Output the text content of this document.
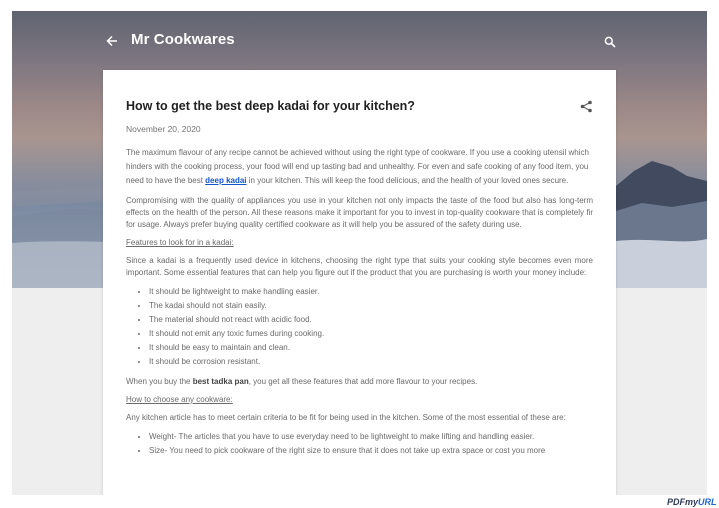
Mr Cookwares
How to get the best deep kadai for your kitchen?
November 20, 2020

The maximum flavour of any recipe cannot be achieved without using the right type of cookware. If you use a cooking utensil which hinders with the cooking process, your food will end up tasting bad and unhealthy. For even and safe cooking of any food item, you need to have the best deep kadai in your kitchen. This will keep the food delicious, and the health of your loved ones secure.

Compromising with the quality of appliances you use in your kitchen not only impacts the taste of the food but also has long-term effects on the health of the person. All these reasons make it important for you to invest in top-quality cookware that is completely fir for usage. Always prefer buying quality certified cookware as it will help you be assured of the safety during use.

Features to look for in a kadai:

Since a kadai is a frequently used device in kitchens, choosing the right type that suits your cooking style becomes even more important. Some essential features that can help you figure out if the product that you are purchasing is worth your money include:

• It should be lightweight to make handling easier.
• The kadai should not stain easily.
• The material should not react with acidic food.
• It should not emit any toxic fumes during cooking.
• It should be easy to maintain and clean.
• It should be corrosion resistant.

When you buy the best tadka pan, you get all these features that add more flavour to your recipes.

How to choose any cookware:

Any kitchen article has to meet certain criteria to be fit for being used in the kitchen. Some of the most essential of these are:

• Weight- The articles that you have to use everyday need to be lightweight to make lifting and handling easier.
• Size- You need to pick cookware of the right size to ensure that it does not take up extra space or cost you more
PDFmyURL
